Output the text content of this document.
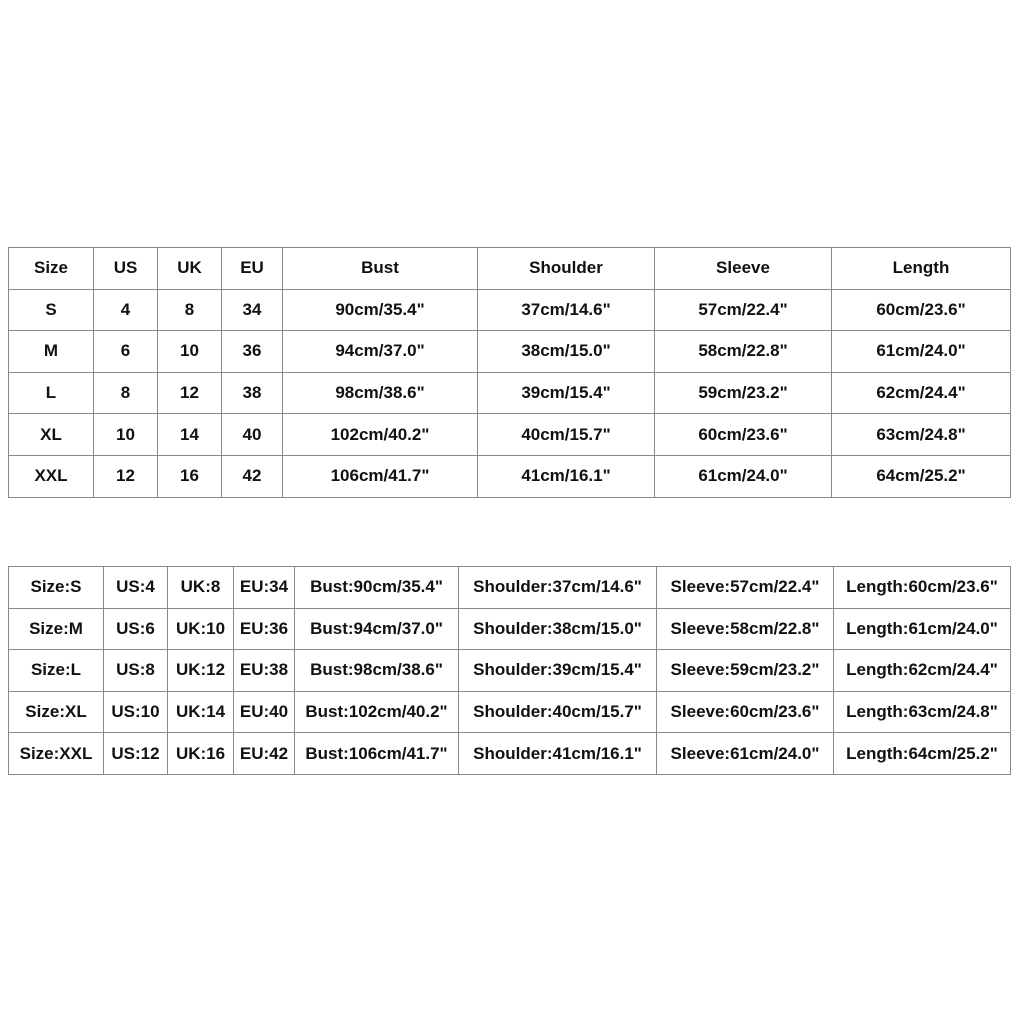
Size	US	UK	EU	Bust	Shoulder	Sleeve	Length
S	4	8	34	90cm/35.4"	37cm/14.6"	57cm/22.4"	60cm/23.6"
M	6	10	36	94cm/37.0"	38cm/15.0"	58cm/22.8"	61cm/24.0"
L	8	12	38	98cm/38.6"	39cm/15.4"	59cm/23.2"	62cm/24.4"
XL	10	14	40	102cm/40.2"	40cm/15.7"	60cm/23.6"	63cm/24.8"
XXL	12	16	42	106cm/41.7"	41cm/16.1"	61cm/24.0"	64cm/25.2"
Size:S	US:4	UK:8	EU:34	Bust:90cm/35.4"	Shoulder:37cm/14.6"	Sleeve:57cm/22.4"	Length:60cm/23.6"
Size:M	US:6	UK:10	EU:36	Bust:94cm/37.0"	Shoulder:38cm/15.0"	Sleeve:58cm/22.8"	Length:61cm/24.0"
Size:L	US:8	UK:12	EU:38	Bust:98cm/38.6"	Shoulder:39cm/15.4"	Sleeve:59cm/23.2"	Length:62cm/24.4"
Size:XL	US:10	UK:14	EU:40	Bust:102cm/40.2"	Shoulder:40cm/15.7"	Sleeve:60cm/23.6"	Length:63cm/24.8"
Size:XXL	US:12	UK:16	EU:42	Bust:106cm/41.7"	Shoulder:41cm/16.1"	Sleeve:61cm/24.0"	Length:64cm/25.2"
